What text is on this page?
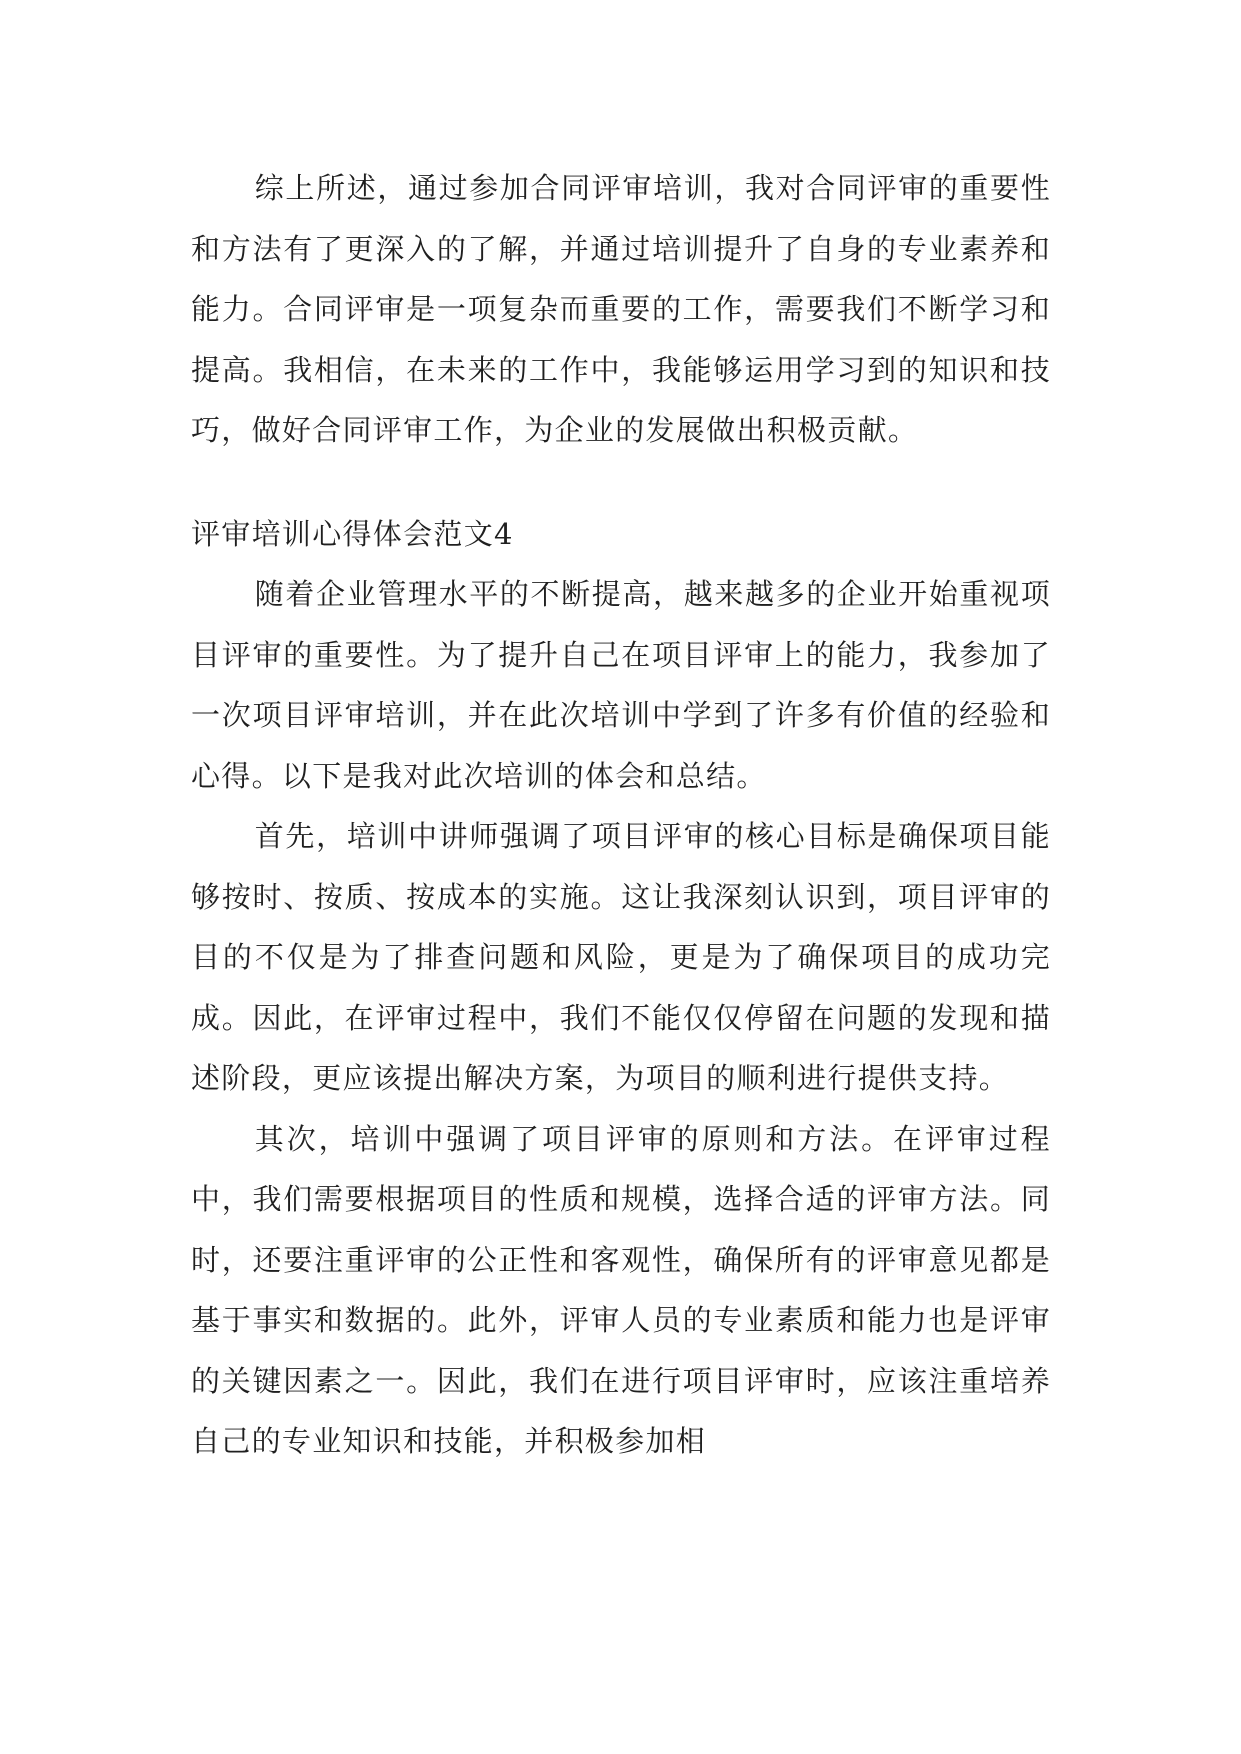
综上所述，通过参加合同评审培训，我对合同评审的重要性和方法有了更深入的了解，并通过培训提升了自身的专业素养和能力。合同评审是一项复杂而重要的工作，需要我们不断学习和提高。我相信，在未来的工作中，我能够运用学习到的知识和技巧，做好合同评审工作，为企业的发展做出积极贡献。

评审培训心得体会范文4

随着企业管理水平的不断提高，越来越多的企业开始重视项目评审的重要性。为了提升自己在项目评审上的能力，我参加了一次项目评审培训，并在此次培训中学到了许多有价值的经验和心得。以下是我对此次培训的体会和总结。

首先，培训中讲师强调了项目评审的核心目标是确保项目能够按时、按质、按成本的实施。这让我深刻认识到，项目评审的目的不仅是为了排查问题和风险，更是为了确保项目的成功完成。因此，在评审过程中，我们不能仅仅停留在问题的发现和描述阶段，更应该提出解决方案，为项目的顺利进行提供支持。

其次，培训中强调了项目评审的原则和方法。在评审过程中，我们需要根据项目的性质和规模，选择合适的评审方法。同时，还要注重评审的公正性和客观性，确保所有的评审意见都是基于事实和数据的。此外，评审人员的专业素质和能力也是评审的关键因素之一。因此，我们在进行项目评审时，应该注重培养自己的专业知识和技能，并积极参加相
